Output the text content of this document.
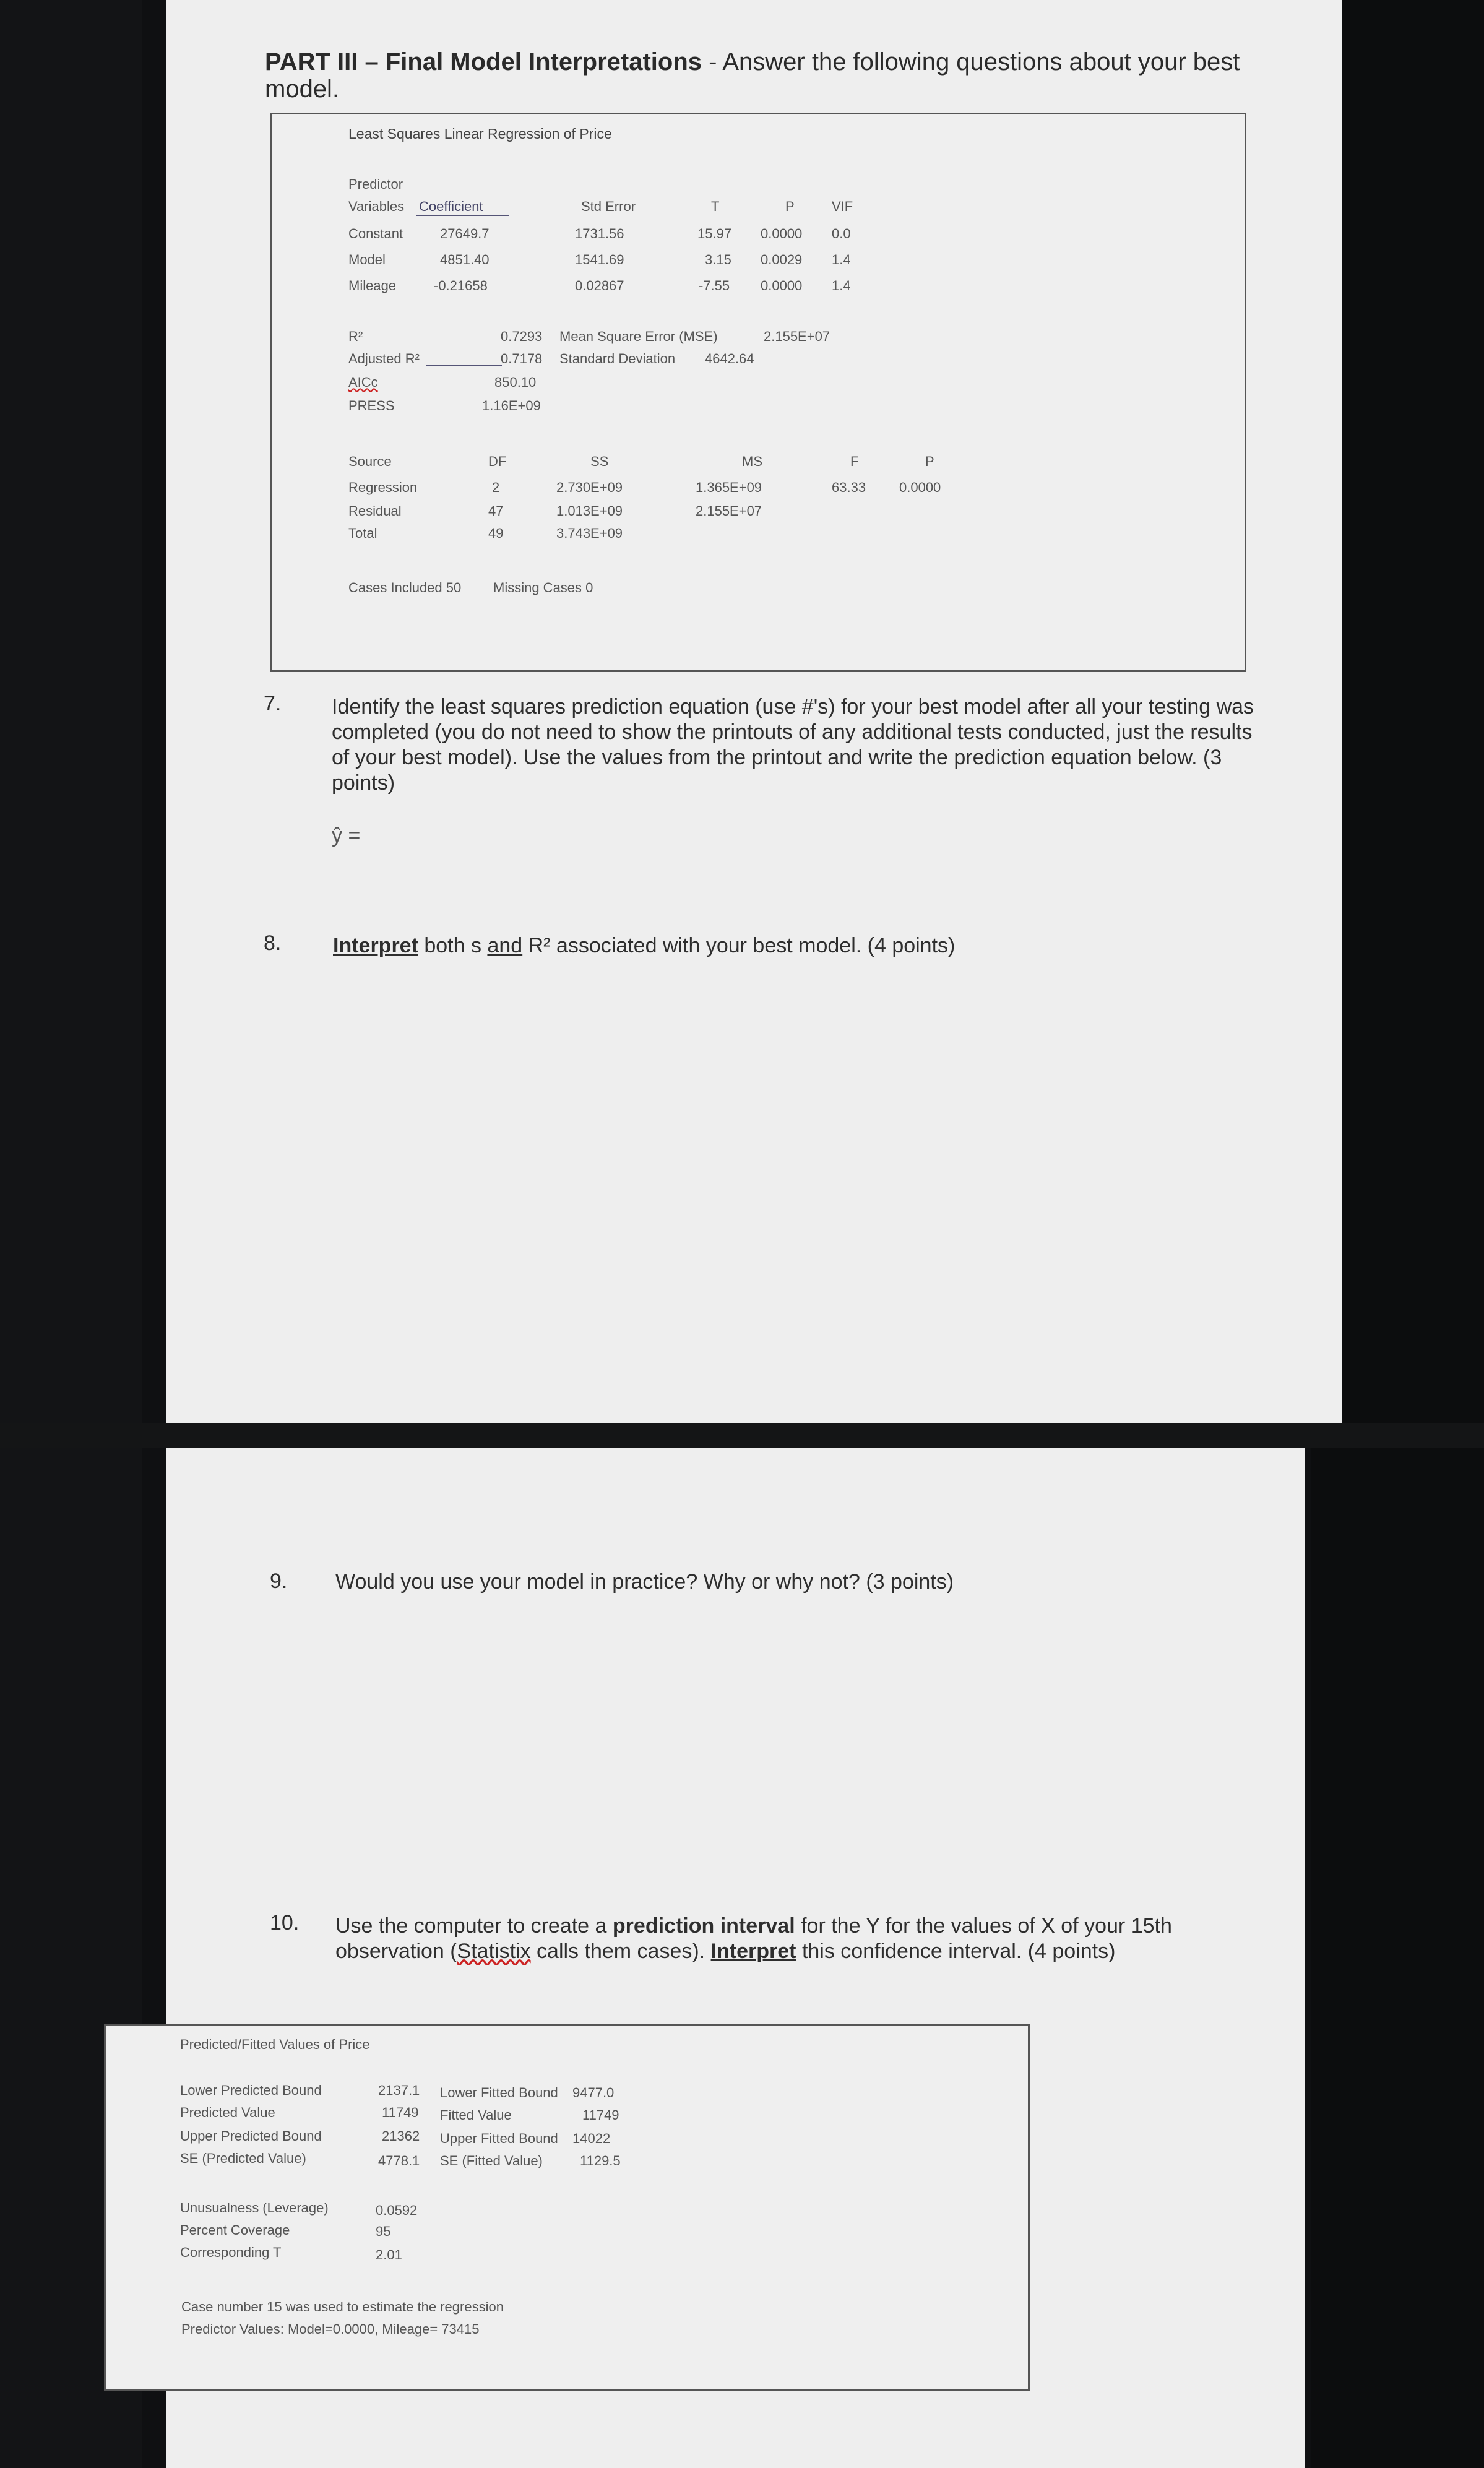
PART III – Final Model Interpretations - Answer the following questions about your best model.
Least Squares Linear Regression of Price
Predictor
Variables Coefficient	Std Error	T	P	VIF
Constant	27649.7	1731.56	15.97 0.0000 0.0
Model	4851.40	1541.69	3.15 0.0029 1.4
Mileage	-0.21658	0.02867	-7.55 0.0000 1.4
R²	0.7293 Mean Square Error (MSE)	2.155E+07
Adjusted R²	0.7178 Standard Deviation 4642.64
AICc	850.10
PRESS	1.16E+09
Source	DF	SS	MS	F	P
Regression	2	2.730E+09	1.365E+09	63.33 0.0000
Residual	47	1.013E+09	2.155E+07
Total	49	3.743E+09
Cases Included 50 Missing Cases 0
7. Identify the least squares prediction equation (use #'s) for your best model after all your testing was completed (you do not need to show the printouts of any additional tests conducted, just the results of your best model). Use the values from the printout and write the prediction equation below. (3 points)
ŷ =
8. Interpret both s and R² associated with your best model. (4 points)
9. Would you use your model in practice? Why or why not? (3 points)
10. Use the computer to create a prediction interval for the Y for the values of X of your 15th observation (Statistix calls them cases). Interpret this confidence interval. (4 points)
Predicted/Fitted Values of Price
Lower Predicted Bound	2137.1 Lower Fitted Bound 9477.0
Predicted Value	11749 Fitted Value	11749
Upper Predicted Bound	21362 Upper Fitted Bound 14022
SE (Predicted Value)	4778.1 SE (Fitted Value)	1129.5
Unusualness (Leverage)	0.0592
Percent Coverage	95
Corresponding T	2.01
Case number 15 was used to estimate the regression
Predictor Values: Model=0.0000, Mileage= 73415
